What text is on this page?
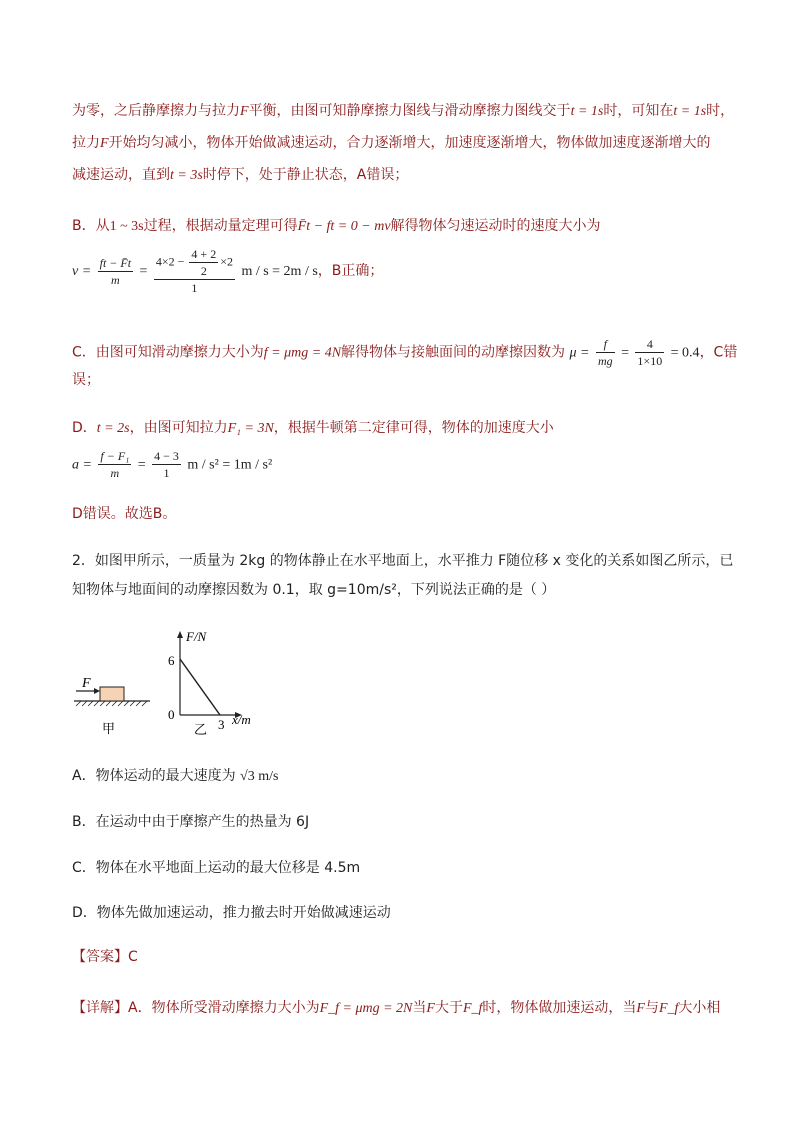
为零，之后静摩擦力与拉力F平衡，由图可知静摩擦力图线与滑动摩擦力图线交于t = 1s时，可知在t = 1s时，
拉力F开始均匀减小，物体开始做减速运动，合力逐渐增大，加速度逐渐增大，物体做加速度逐渐增大的
减速运动，直到t = 3s时停下，处于静止状态，A错误；
B．从1 ~ 3s过程，根据动量定理可得F̄t − ft = 0 − mv解得物体匀速运动时的速度大小为
$v = \frac{ft - F̄t}{m} = \frac{4\times 2 - \frac{4 + 2}{2} \times 2}{1}$ m / s = 2m / s，B正确；
C．由图可知滑动摩擦力大小为f = μmg = 4N解得物体与接触面间的动摩擦因数为 $\mu = \frac{f}{mg} = \frac{4}{1\times 10} = 0.4$，C错
误；
D．t = 2s，由图可知拉力F₁ = 3N，根据牛顿第二定律可得，物体的加速度大小
$a = \frac{\text{f − F₁}}{m} = \frac{4 - 3}{1}$ m / s² = 1m / s²
D错误。故选B。
2．如图甲所示，一质量为 2kg 的物体静止在水平地面上，水平推力 F随位移 x 变化的关系如图乙所示，已
知物体与地面间的动摩擦因数为 0.1，取 g=10m/s²，下列说法正确的是（ ）
F
甲
F/N
x/m
6
0
3
乙
A．物体运动的最大速度为 √3 m/s
B．在运动中由于摩擦产生的热量为 6J
C．物体在水平地面上运动的最大位移是 4.5m
D．物体先做加速运动，推力撤去时开始做减速运动
【答案】C
【详解】A．物体所受滑动摩擦力大小为F_f = μmg = 2N当F大于F_f时，物体做加速运动，当F与F_f大小相
